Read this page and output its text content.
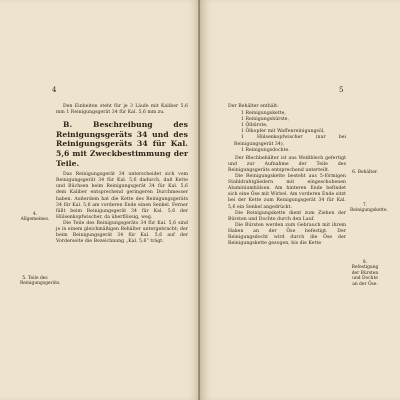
4

Den Einheiten steht für je 3 Läufe mit Kaliber 5,6 mm 1 Reinigungsgerät 34 für Kal. 5,6 mm zu.

B. Beschreibung des Reinigungsgeräts 34 und des Reinigungsgeräts 34 für Kal. 5,6 mit Zweckbestimmung der Teile.

Das Reinigungsgerät 34 unterscheidet sich vom Reinigungsgerät 34 für Kal. 5,6 dadurch, daß Kette und Büchsen beim Reinigungsgerät 34 für Kal. 5,6 dem Kaliber entsprechend geringeren Durchmesser haben. Außerdem hat die Kette des Reinigungsgeräts 34 für Kal. 5,6 am vorderen Ende einen Senkel. Ferner fällt beim Reinigungsgerät 34 für Kal. 5,6 der Hülsenkopfwischer, da überflüssig, weg.

Die Teile des Reinigungsgeräts 34 für Kal. 5,6 sind je in einem gleichmäßigen Behälter untergebracht; der beim Reinigungsgerät 34 für Kal. 5,6 auf der Vorderseite die Bezeichnung „Kal. 5,6“ trägt.

4. Allgemeines.
5. Teile des Reinigungsgeräts.
5

Der Behälter enthält:

1 Reinigungskette,

1 Reinigungsbürste,

1 Ölbürste,

1 Ölkopfer mit Waffenreinigungsöl,

1 Hülsenkopfwischer (nur bei Reinigungsgerät 34),

1 Reinigungsdochte.

Der Blechbehälter ist aus Weißblech gefertigt und zur Aufnahme der Teile des Reinigungsgeräts entsprechend unterteilt.

Die Reinigungskette besteht aus 5-förmigen Stahldrahtgliedern mit eingeschobenen Aluminiumhülsen. Am hinteren Ende befindet sich eine Öse mit Wirbel. Am vorderen Ende sitzt bei der Kette zum Reinigungsgerät 34 für Kal. 5,6 ein Senkel angedrückt.

Die Reinigungskette dient zum Ziehen der Bürsten und Dochte durch den Lauf.

Die Bürsten werden zum Gebrauch mit ihrem Haken an der Öse befestigt. Der Reinigungsdocht wird durch die Öse der Reinigungskette gezogen, bis die Kette

6. Behälter.
7. Reinigungskette.
8. Befestigung der Bürsten und Dochte an der Öse.
